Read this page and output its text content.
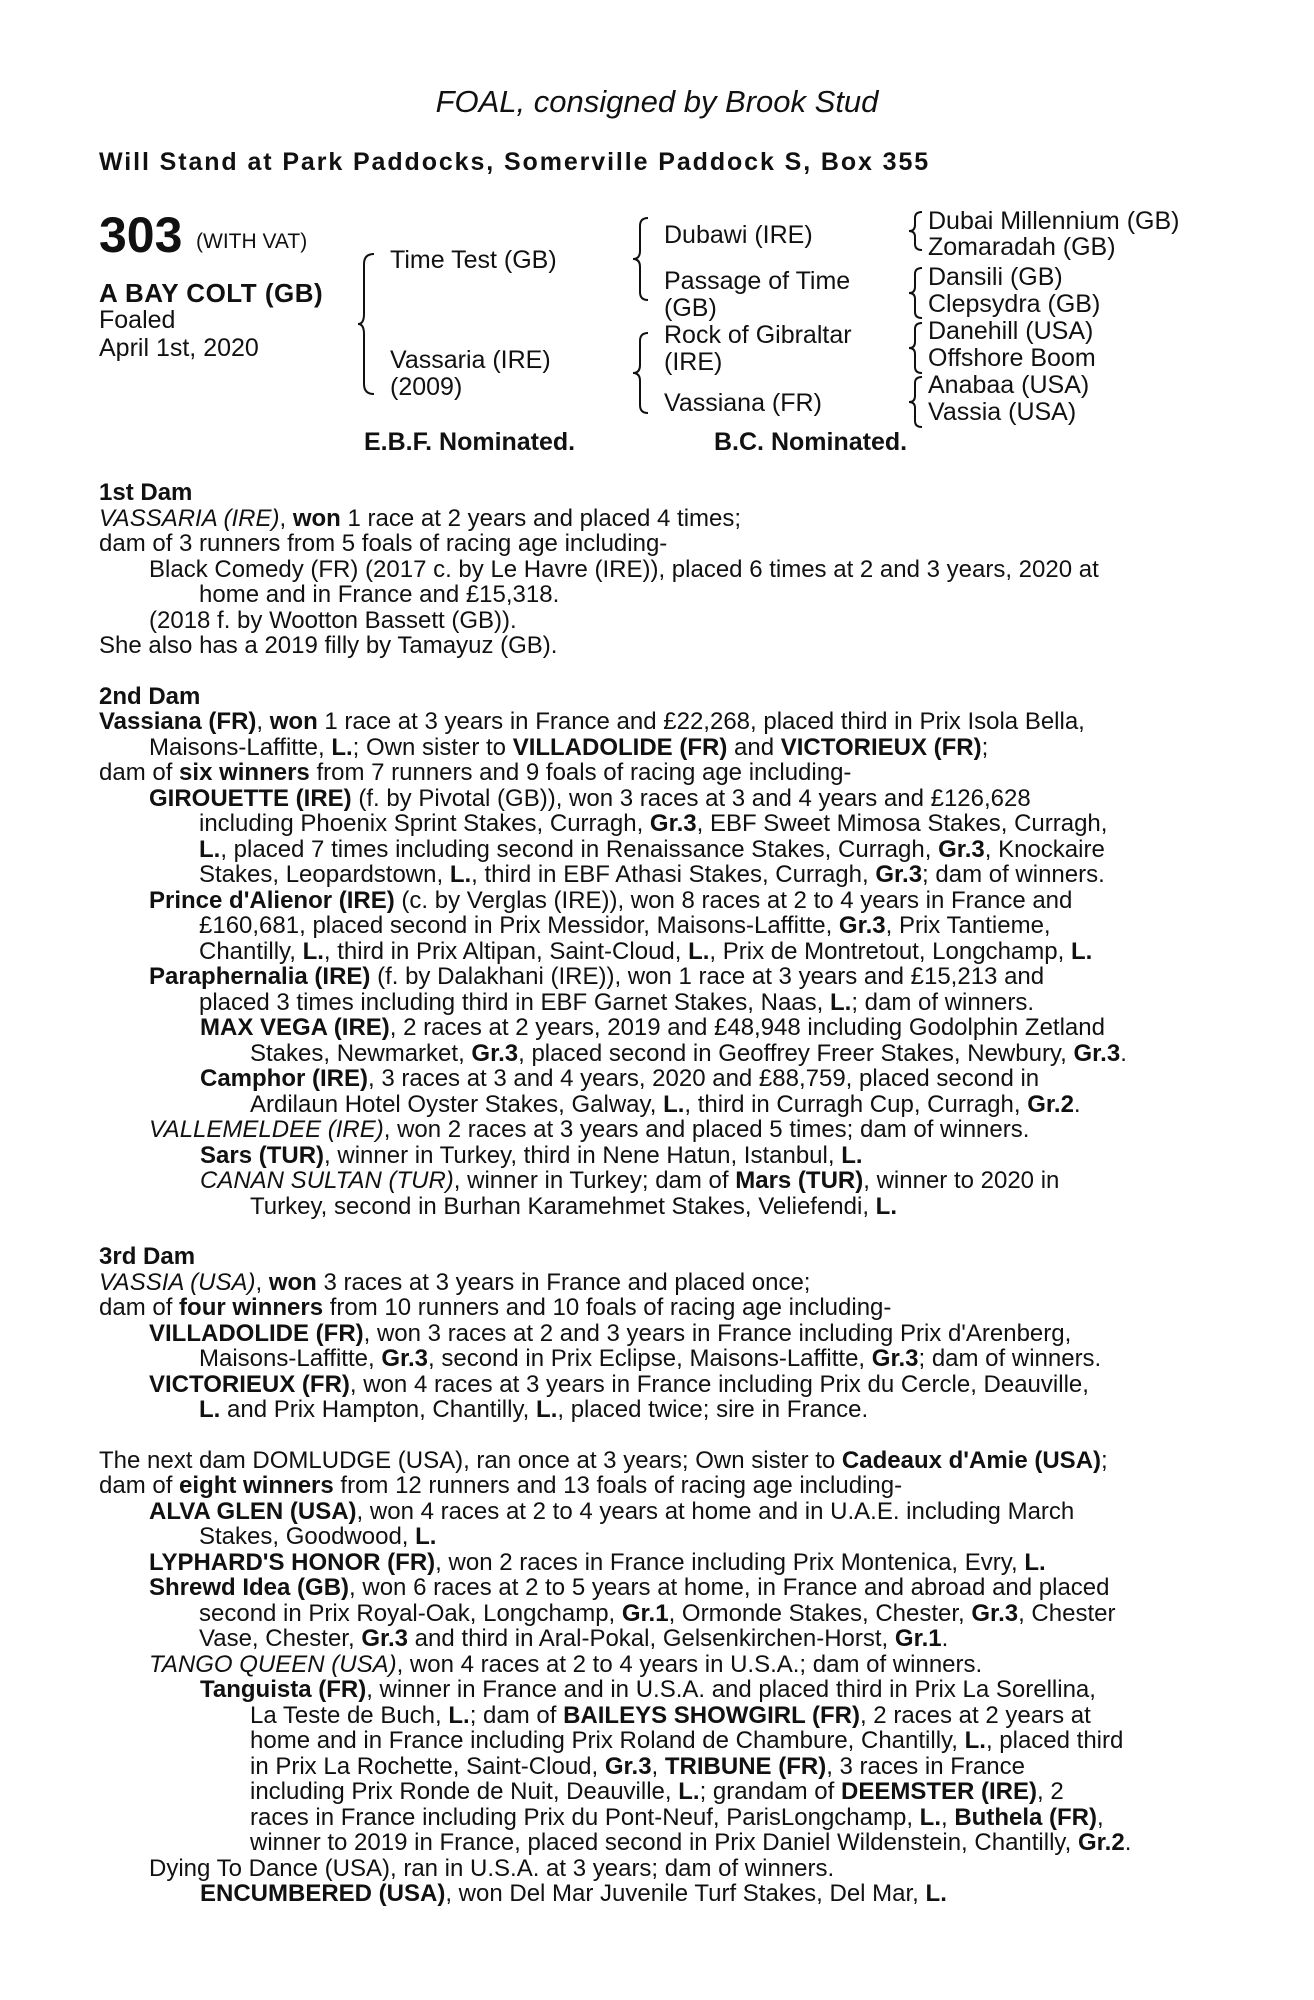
FOAL, consigned by Brook Stud
Will Stand at Park Paddocks, Somerville Paddock S, Box 355
303 (WITH VAT)
A BAY COLT (GB)
Foaled
April 1st, 2020
Time Test (GB)
Vassaria (IRE)
(2009)
Dubawi (IRE)
Passage of Time
(GB)
Rock of Gibraltar
(IRE)
Vassiana (FR)
Dubai Millennium (GB)
Zomaradah (GB)
Dansili (GB)
Clepsydra (GB)
Danehill (USA)
Offshore Boom
Anabaa (USA)
Vassia (USA)
E.B.F. Nominated.	B.C. Nominated.
1st Dam
VASSARIA (IRE), won 1 race at 2 years and placed 4 times;
dam of 3 runners from 5 foals of racing age including-
Black Comedy (FR) (2017 c. by Le Havre (IRE)), placed 6 times at 2 and 3 years, 2020 at
home and in France and £15,318.
(2018 f. by Wootton Bassett (GB)).
She also has a 2019 filly by Tamayuz (GB).
2nd Dam
Vassiana (FR), won 1 race at 3 years in France and £22,268, placed third in Prix Isola Bella,
Maisons-Laffitte, L.; Own sister to VILLADOLIDE (FR) and VICTORIEUX (FR);
dam of six winners from 7 runners and 9 foals of racing age including-
GIROUETTE (IRE) (f. by Pivotal (GB)), won 3 races at 3 and 4 years and £126,628
including Phoenix Sprint Stakes, Curragh, Gr.3, EBF Sweet Mimosa Stakes, Curragh,
L., placed 7 times including second in Renaissance Stakes, Curragh, Gr.3, Knockaire
Stakes, Leopardstown, L., third in EBF Athasi Stakes, Curragh, Gr.3; dam of winners.
Prince d'Alienor (IRE) (c. by Verglas (IRE)), won 8 races at 2 to 4 years in France and
£160,681, placed second in Prix Messidor, Maisons-Laffitte, Gr.3, Prix Tantieme,
Chantilly, L., third in Prix Altipan, Saint-Cloud, L., Prix de Montretout, Longchamp, L.
Paraphernalia (IRE) (f. by Dalakhani (IRE)), won 1 race at 3 years and £15,213 and
placed 3 times including third in EBF Garnet Stakes, Naas, L.; dam of winners.
MAX VEGA (IRE), 2 races at 2 years, 2019 and £48,948 including Godolphin Zetland
Stakes, Newmarket, Gr.3, placed second in Geoffrey Freer Stakes, Newbury, Gr.3.
Camphor (IRE), 3 races at 3 and 4 years, 2020 and £88,759, placed second in
Ardilaun Hotel Oyster Stakes, Galway, L., third in Curragh Cup, Curragh, Gr.2.
VALLEMELDEE (IRE), won 2 races at 3 years and placed 5 times; dam of winners.
Sars (TUR), winner in Turkey, third in Nene Hatun, Istanbul, L.
CANAN SULTAN (TUR), winner in Turkey; dam of Mars (TUR), winner to 2020 in
Turkey, second in Burhan Karamehmet Stakes, Veliefendi, L.
3rd Dam
VASSIA (USA), won 3 races at 3 years in France and placed once;
dam of four winners from 10 runners and 10 foals of racing age including-
VILLADOLIDE (FR), won 3 races at 2 and 3 years in France including Prix d'Arenberg,
Maisons-Laffitte, Gr.3, second in Prix Eclipse, Maisons-Laffitte, Gr.3; dam of winners.
VICTORIEUX (FR), won 4 races at 3 years in France including Prix du Cercle, Deauville,
L. and Prix Hampton, Chantilly, L., placed twice; sire in France.
The next dam DOMLUDGE (USA), ran once at 3 years; Own sister to Cadeaux d'Amie (USA);
dam of eight winners from 12 runners and 13 foals of racing age including-
ALVA GLEN (USA), won 4 races at 2 to 4 years at home and in U.A.E. including March
Stakes, Goodwood, L.
LYPHARD'S HONOR (FR), won 2 races in France including Prix Montenica, Evry, L.
Shrewd Idea (GB), won 6 races at 2 to 5 years at home, in France and abroad and placed
second in Prix Royal-Oak, Longchamp, Gr.1, Ormonde Stakes, Chester, Gr.3, Chester
Vase, Chester, Gr.3 and third in Aral-Pokal, Gelsenkirchen-Horst, Gr.1.
TANGO QUEEN (USA), won 4 races at 2 to 4 years in U.S.A.; dam of winners.
Tanguista (FR), winner in France and in U.S.A. and placed third in Prix La Sorellina,
La Teste de Buch, L.; dam of BAILEYS SHOWGIRL (FR), 2 races at 2 years at
home and in France including Prix Roland de Chambure, Chantilly, L., placed third
in Prix La Rochette, Saint-Cloud, Gr.3, TRIBUNE (FR), 3 races in France
including Prix Ronde de Nuit, Deauville, L.; grandam of DEEMSTER (IRE), 2
races in France including Prix du Pont-Neuf, ParisLongchamp, L., Buthela (FR),
winner to 2019 in France, placed second in Prix Daniel Wildenstein, Chantilly, Gr.2.
Dying To Dance (USA), ran in U.S.A. at 3 years; dam of winners.
ENCUMBERED (USA), won Del Mar Juvenile Turf Stakes, Del Mar, L.
